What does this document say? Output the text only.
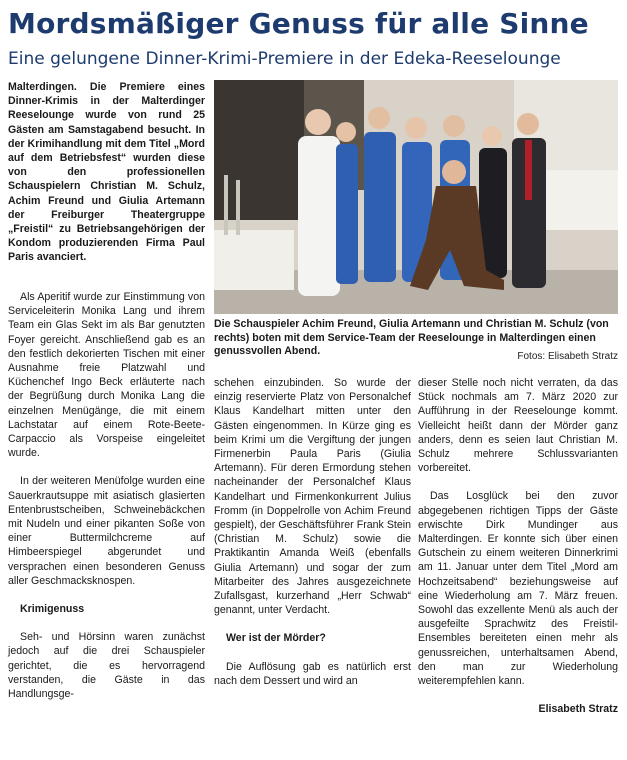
Mordsmäßiger Genuss für alle Sinne
Eine gelungene Dinner-Krimi-Premiere in der Edeka-Reeselounge

Malterdingen. Die Premiere eines Dinner-Krimis in der Malterdinger Reeselounge wurde von rund 25 Gästen am Samstagabend besucht. In der Krimihandlung mit dem Titel „Mord auf dem Betriebsfest“ wurden diese von den professionellen Schauspielern Christian M. Schulz, Achim Freund und Giulia Artemann der Freiburger Theatergruppe „Freistil“ zu Betriebsangehörigen der Kondom produzierenden Firma Paul Paris avanciert.

Als Aperitif wurde zur Einstimmung von Serviceleiterin Monika Lang und ihrem Team ein Glas Sekt im als Bar genutzten Foyer gereicht. Anschließend gab es an den festlich dekorierten Tischen mit einer Ausnahme freie Platzwahl und Küchenchef Ingo Beck erläuterte nach der Begrüßung durch Monika Lang die einzelnen Menügänge, die mit einem Lachstatar auf einem Rote-Beete-Carpaccio als Vorspeise eingeleitet wurde.

In der weiteren Menüfolge wurden eine Sauerkrautsuppe mit asiatisch glasierten Entenbrustscheiben, Schweinebäckchen mit Nudeln und einer pikanten Soße von einer Buttermilchcreme auf Himbeerspiegel abgerundet und versprachen einen besonderen Genuss aller Geschmacksknospen.

Krimigenuss

Seh- und Hörsinn waren zunächst jedoch auf die drei Schauspieler gerichtet, die es hervorragend verstanden, die Gäste in das Handlungsge-

Die Schauspieler Achim Freund, Giulia Artemann und Christian M. Schulz (von rechts) boten mit dem Service-Team der Reeselounge in Malterdingen einen genussvollen Abend.	Fotos: Elisabeth Stratz

schehen einzubinden. So wurde der einzig reservierte Platz von Personalchef Klaus Kandelhart mitten unter den Gästen eingenommen. In Kürze ging es beim Krimi um die Vergiftung der jungen Firmenerbin Paula Paris (Giulia Artemann). Für deren Ermordung stehen nacheinander der Personalchef Klaus Kandelhart und Firmenkonkurrent Julius Fromm (in Doppelrolle von Achim Freund gespielt), der Geschäftsführer Frank Stein (Christian M. Schulz) sowie die Praktikantin Amanda Weiß (ebenfalls Giulia Artemann) und sogar der zum Mitarbeiter des Jahres ausgezeichnete Zufallsgast, kurzerhand „Herr Schwab“ genannt, unter Verdacht.

Wer ist der Mörder?

Die Auflösung gab es natürlich erst nach dem Dessert und wird an

dieser Stelle noch nicht verraten, da das Stück nochmals am 7. März 2020 zur Aufführung in der Reeselounge kommt. Vielleicht heißt dann der Mörder ganz anders, denn es seien laut Christian M. Schulz mehrere Schlussvarianten vorbereitet.

Das Losglück bei den zuvor abgegebenen richtigen Tipps der Gäste erwischte Dirk Mundinger aus Malterdingen. Er konnte sich über einen Gutschein zu einem weiteren Dinnerkrimi am 11. Januar unter dem Titel „Mord am Hochzeitsabend“ beziehungsweise auf eine Wiederholung am 7. März freuen. Sowohl das exzellente Menü als auch der ausgefeilte Sprachwitz des Freistil-Ensembles bereiteten einen mehr als genussreichen, unterhaltsamen Abend, den man zur Wiederholung weiterempfehlen kann.

Elisabeth Stratz
